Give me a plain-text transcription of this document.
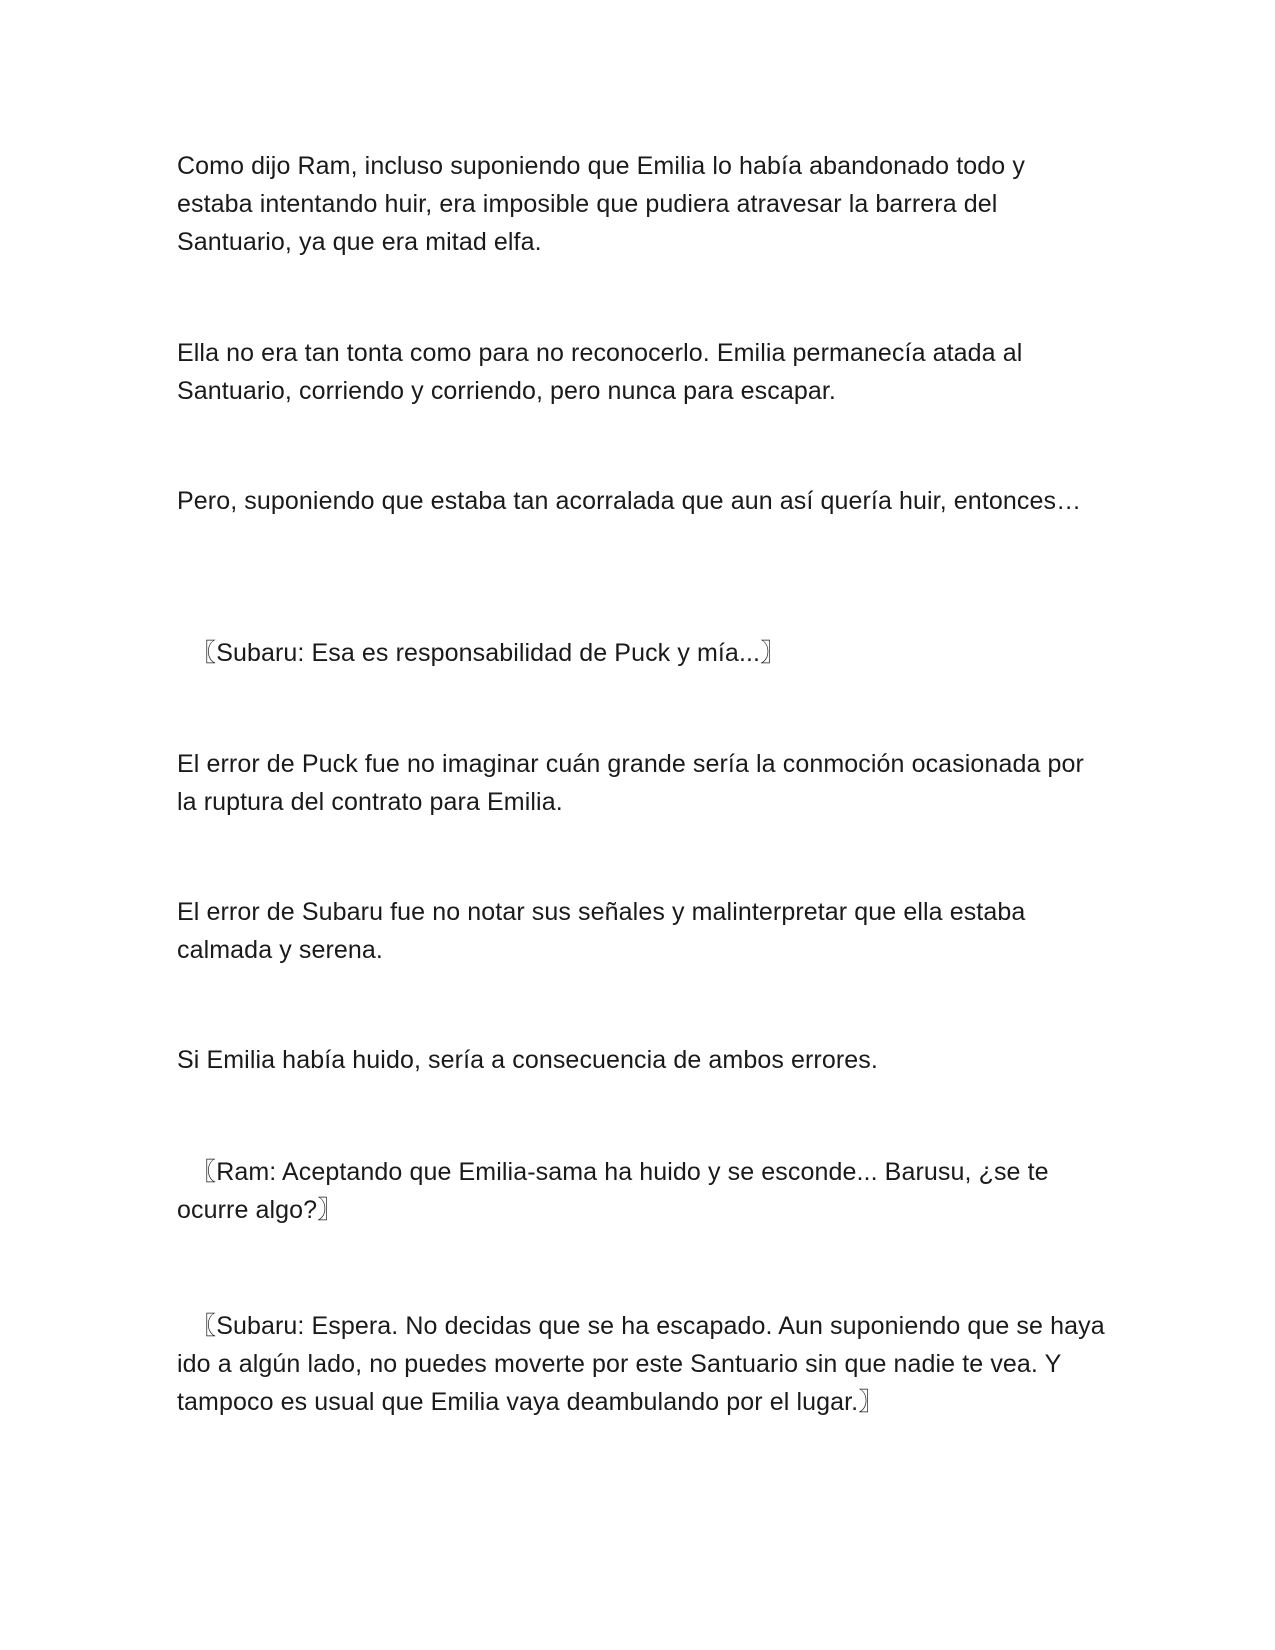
Como dijo Ram, incluso suponiendo que Emilia lo había abandonado todo y estaba intentando huir, era imposible que pudiera atravesar la barrera del Santuario, ya que era mitad elfa.

Ella no era tan tonta como para no reconocerlo. Emilia permanecía atada al Santuario, corriendo y corriendo, pero nunca para escapar.

Pero, suponiendo que estaba tan acorralada que aun así quería huir, entonces…

〖Subaru: Esa es responsabilidad de Puck y mía...〗

El error de Puck fue no imaginar cuán grande sería la conmoción ocasionada por la ruptura del contrato para Emilia.

El error de Subaru fue no notar sus señales y malinterpretar que ella estaba calmada y serena.

Si Emilia había huido, sería a consecuencia de ambos errores.

〖Ram: Aceptando que Emilia-sama ha huido y se esconde... Barusu, ¿se te ocurre algo?〗

〖Subaru: Espera. No decidas que se ha escapado. Aun suponiendo que se haya ido a algún lado, no puedes moverte por este Santuario sin que nadie te vea. Y tampoco es usual que Emilia vaya deambulando por el lugar.〗
